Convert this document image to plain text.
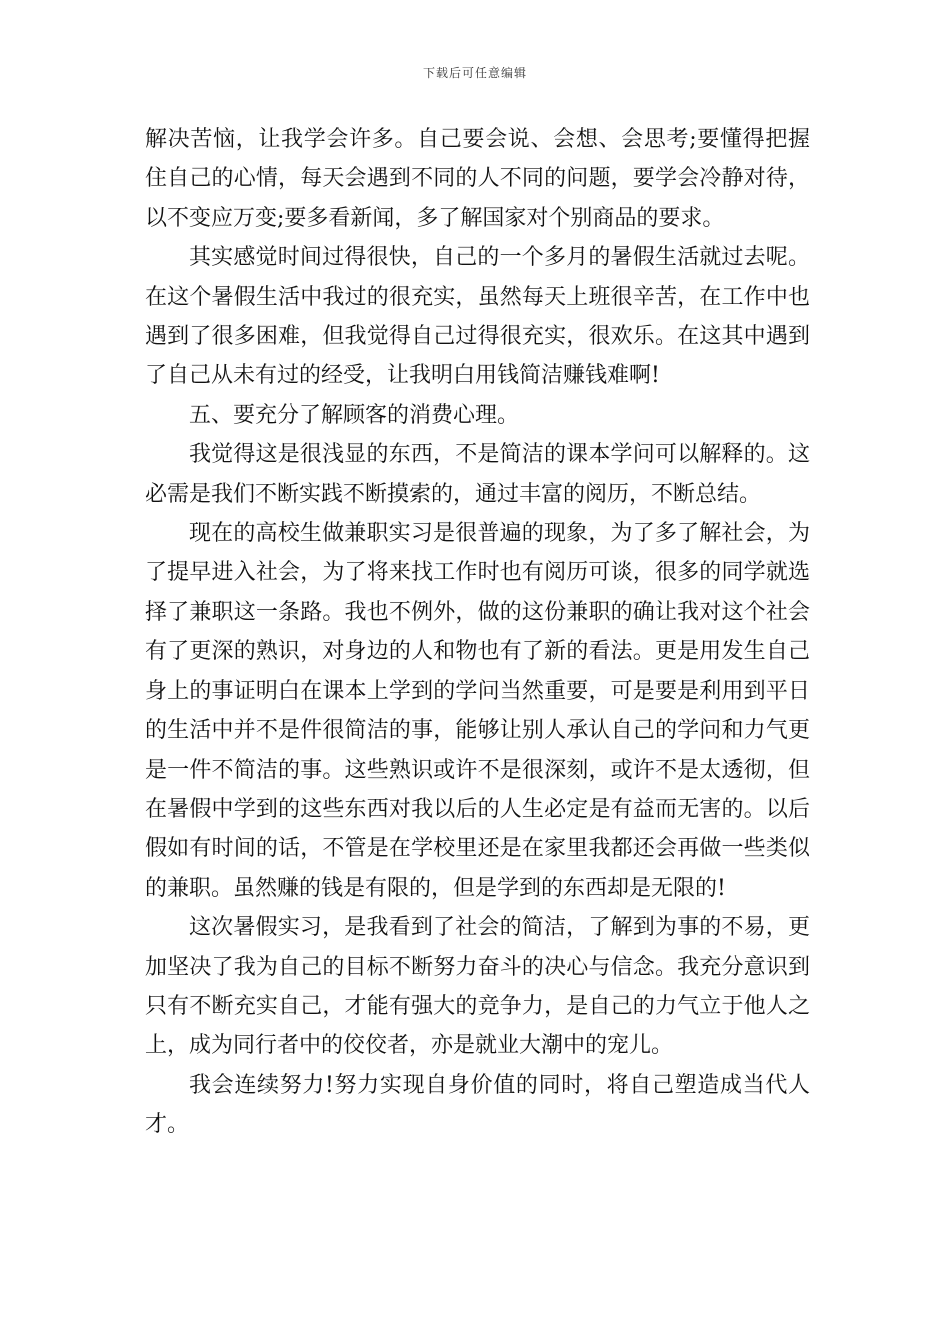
下载后可任意编辑

解决苦恼，让我学会许多。自己要会说、会想、会思考;要懂得把握住自己的心情，每天会遇到不同的人不同的问题，要学会冷静对待，以不变应万变;要多看新闻，多了解国家对个别商品的要求。

其实感觉时间过得很快，自己的一个多月的暑假生活就过去呢。在这个暑假生活中我过的很充实，虽然每天上班很辛苦，在工作中也遇到了很多困难，但我觉得自己过得很充实，很欢乐。在这其中遇到了自己从未有过的经受，让我明白用钱简洁赚钱难啊!

五、要充分了解顾客的消费心理。

我觉得这是很浅显的东西，不是简洁的课本学问可以解释的。这必需是我们不断实践不断摸索的，通过丰富的阅历，不断总结。

现在的高校生做兼职实习是很普遍的现象，为了多了解社会，为了提早进入社会，为了将来找工作时也有阅历可谈，很多的同学就选择了兼职这一条路。我也不例外，做的这份兼职的确让我对这个社会有了更深的熟识，对身边的人和物也有了新的看法。更是用发生自己身上的事证明白在课本上学到的学问当然重要，可是要是利用到平日的生活中并不是件很简洁的事，能够让别人承认自己的学问和力气更是一件不简洁的事。这些熟识或许不是很深刻，或许不是太透彻，但在暑假中学到的这些东西对我以后的人生必定是有益而无害的。以后假如有时间的话，不管是在学校里还是在家里我都还会再做一些类似的兼职。虽然赚的钱是有限的，但是学到的东西却是无限的!

这次暑假实习，是我看到了社会的简洁，了解到为事的不易，更加坚决了我为自己的目标不断努力奋斗的决心与信念。我充分意识到只有不断充实自己，才能有强大的竞争力，是自己的力气立于他人之上，成为同行者中的佼佼者，亦是就业大潮中的宠儿。

我会连续努力!努力实现自身价值的同时，将自己塑造成当代人才。
